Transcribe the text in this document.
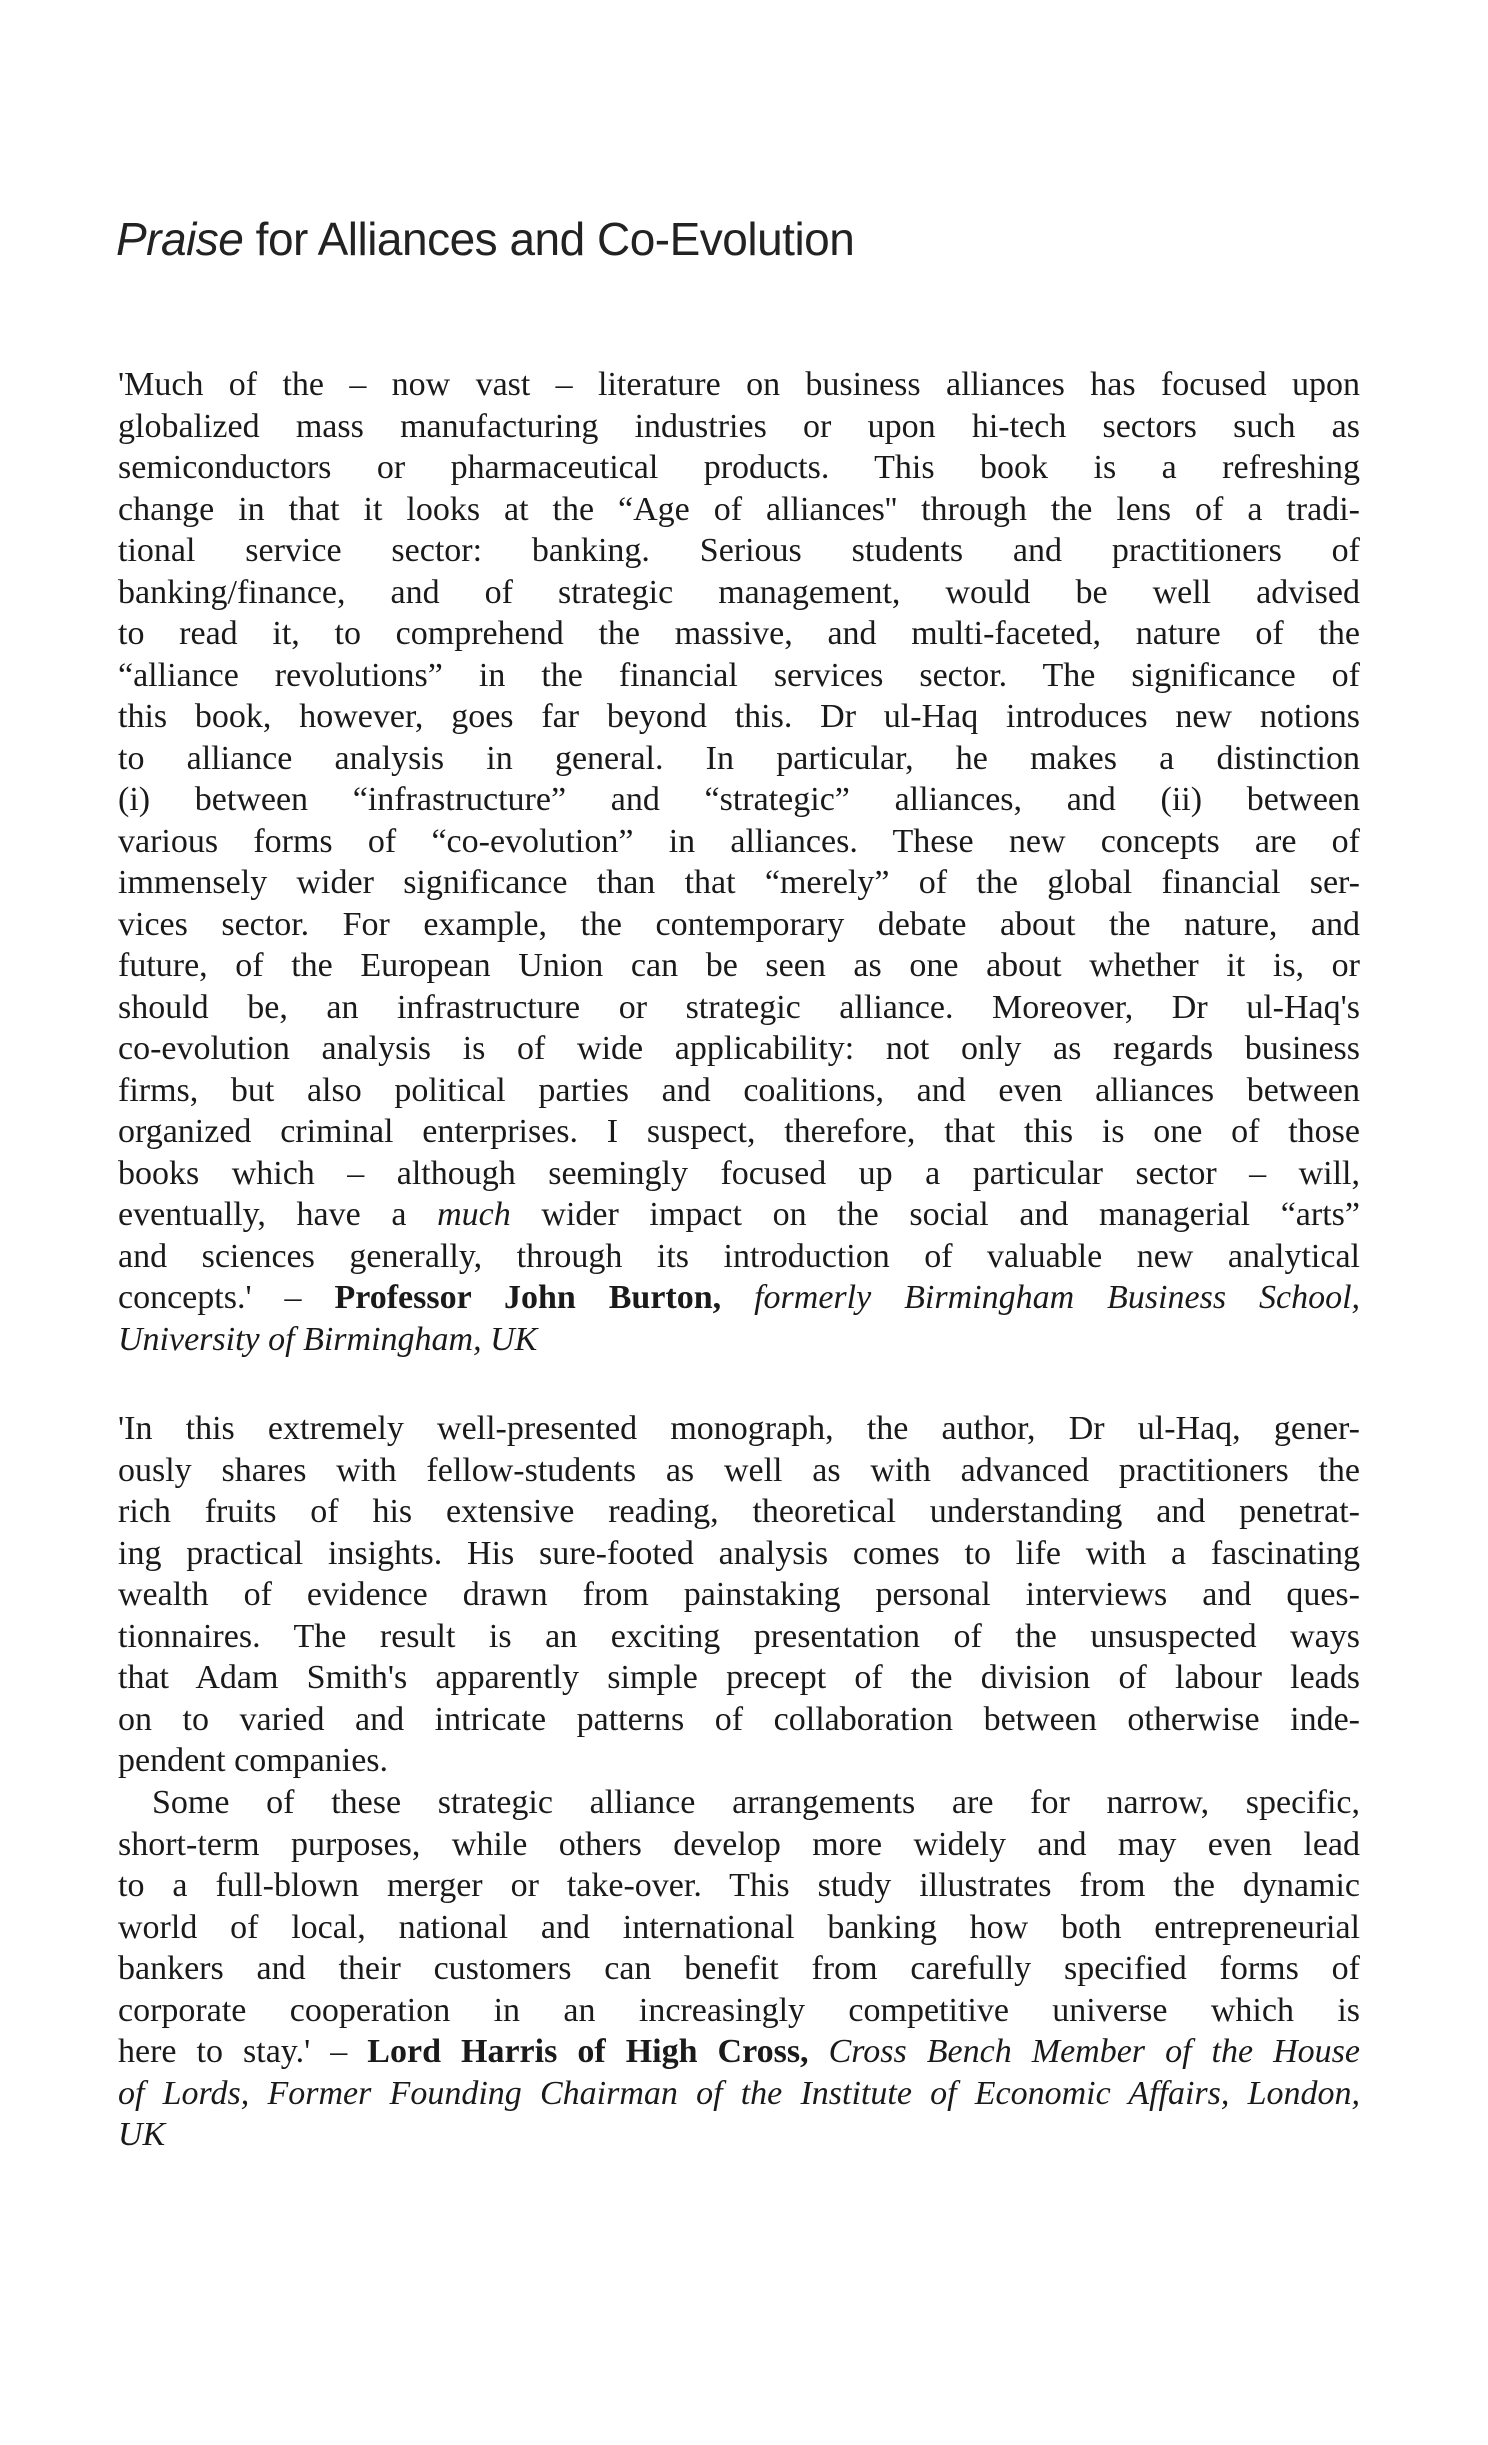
Praise for Alliances and Co-Evolution
'Much of the – now vast – literature on business alliances has focused upon
globalized mass manufacturing industries or upon hi-tech sectors such as
semiconductors or pharmaceutical products. This book is a refreshing
change in that it looks at the “Age of alliances'' through the lens of a tradi-
tional service sector: banking. Serious students and practitioners of
banking/finance, and of strategic management, would be well advised
to read it, to comprehend the massive, and multi-faceted, nature of the
“alliance revolutions” in the financial services sector. The significance of
this book, however, goes far beyond this. Dr ul-Haq introduces new notions
to alliance analysis in general. In particular, he makes a distinction
(i) between “infrastructure” and “strategic” alliances, and (ii) between
various forms of “co-evolution” in alliances. These new concepts are of
immensely wider significance than that “merely” of the global financial ser-
vices sector. For example, the contemporary debate about the nature, and
future, of the European Union can be seen as one about whether it is, or
should be, an infrastructure or strategic alliance. Moreover, Dr ul-Haq's
co-evolution analysis is of wide applicability: not only as regards business
firms, but also political parties and coalitions, and even alliances between
organized criminal enterprises. I suspect, therefore, that this is one of those
books which – although seemingly focused up a particular sector – will,
eventually, have a much wider impact on the social and managerial “arts”
and sciences generally, through its introduction of valuable new analytical
concepts.' – Professor John Burton, formerly Birmingham Business School,
University of Birmingham, UK
'In this extremely well-presented monograph, the author, Dr ul-Haq, gener-
ously shares with fellow-students as well as with advanced practitioners the
rich fruits of his extensive reading, theoretical understanding and penetrat-
ing practical insights. His sure-footed analysis comes to life with a fascinating
wealth of evidence drawn from painstaking personal interviews and ques-
tionnaires. The result is an exciting presentation of the unsuspected ways
that Adam Smith's apparently simple precept of the division of labour leads
on to varied and intricate patterns of collaboration between otherwise inde-
pendent companies.
Some of these strategic alliance arrangements are for narrow, specific,
short-term purposes, while others develop more widely and may even lead
to a full-blown merger or take-over. This study illustrates from the dynamic
world of local, national and international banking how both entrepreneurial
bankers and their customers can benefit from carefully specified forms of
corporate cooperation in an increasingly competitive universe which is
here to stay.' – Lord Harris of High Cross, Cross Bench Member of the House
of Lords, Former Founding Chairman of the Institute of Economic Affairs, London,
UK
